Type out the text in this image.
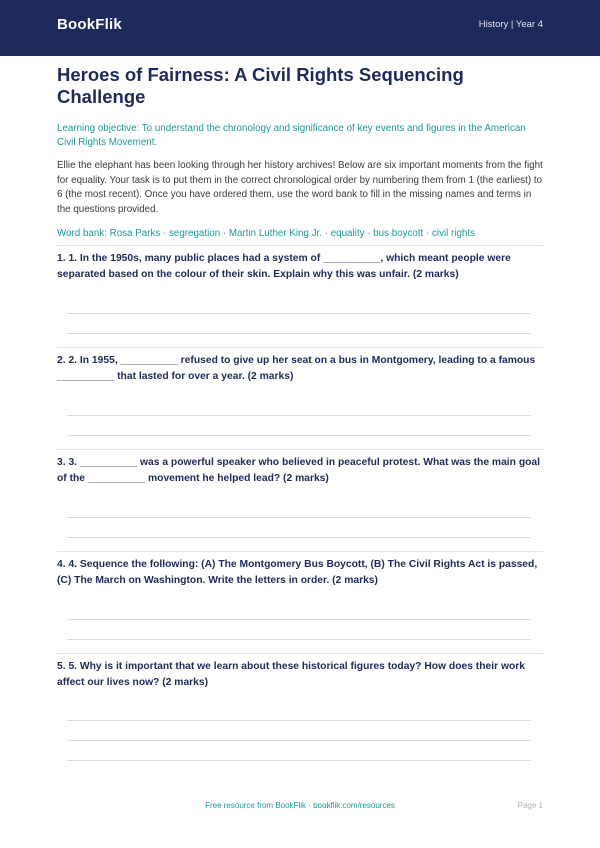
BookFlik	History | Year 4
Heroes of Fairness: A Civil Rights Sequencing Challenge

Learning objective: To understand the chronology and significance of key events and figures in the American Civil Rights Movement.

Ellie the elephant has been looking through her history archives! Below are six important moments from the fight for equality. Your task is to put them in the correct chronological order by numbering them from 1 (the earliest) to 6 (the most recent). Once you have ordered them, use the word bank to fill in the missing names and terms in the questions provided.

Word bank: Rosa Parks · segregation · Martin Luther King Jr. · equality · bus boycott · civil rights

1. 1. In the 1950s, many public places had a system of __________, which meant people were separated based on the colour of their skin. Explain why this was unfair. (2 marks)
2. 2. In 1955, __________ refused to give up her seat on a bus in Montgomery, leading to a famous __________ that lasted for over a year. (2 marks)
3. 3. __________ was a powerful speaker who believed in peaceful protest. What was the main goal of the __________ movement he helped lead? (2 marks)
4. 4. Sequence the following: (A) The Montgomery Bus Boycott, (B) The Civil Rights Act is passed, (C) The March on Washington. Write the letters in order. (2 marks)
5. 5. Why is it important that we learn about these historical figures today? How does their work affect our lives now? (2 marks)
Free resource from BookFlik · bookflik.com/resources	Page 1
